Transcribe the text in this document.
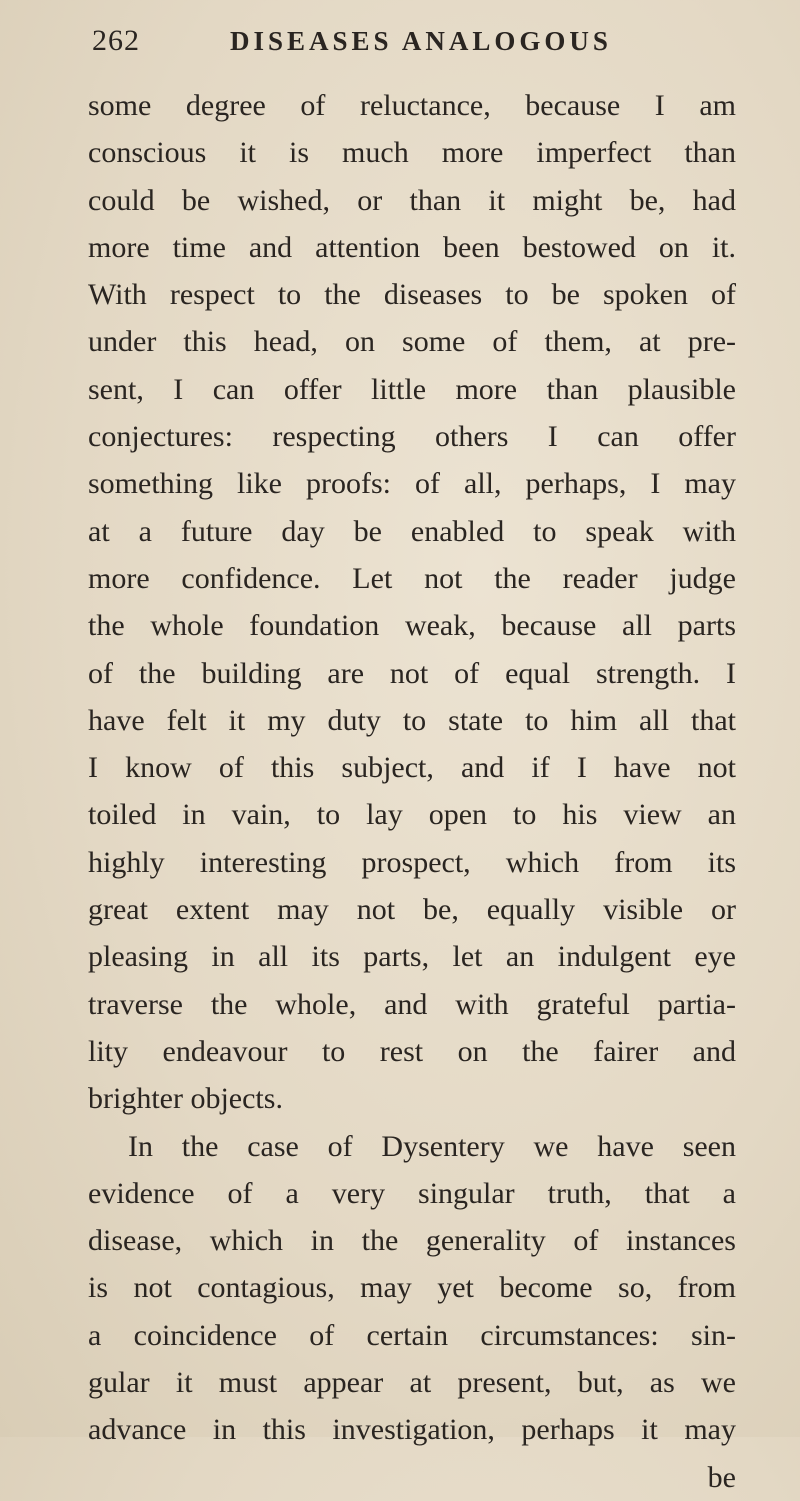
262	DISEASES ANALOGOUS
some degree of reluctance, because I am
conscious it is much more imperfect than
could be wished, or than it might be, had
more time and attention been bestowed on it.
With respect to the diseases to be spoken of
under this head, on some of them, at pre-
sent, I can offer little more than plausible
conjectures: respecting others I can offer
something like proofs: of all, perhaps, I may
at a future day be enabled to speak with
more confidence. Let not the reader judge
the whole foundation weak, because all parts
of the building are not of equal strength. I
have felt it my duty to state to him all that
I know of this subject, and if I have not
toiled in vain, to lay open to his view an
highly interesting prospect, which from its
great extent may not be, equally visible or
pleasing in all its parts, let an indulgent eye
traverse the whole, and with grateful partia-
lity endeavour to rest on the fairer and
brighter objects.
In the case of Dysentery we have seen
evidence of a very singular truth, that a
disease, which in the generality of instances
is not contagious, may yet become so, from
a coincidence of certain circumstances: sin-
gular it must appear at present, but, as we
advance in this investigation, perhaps it may
be
